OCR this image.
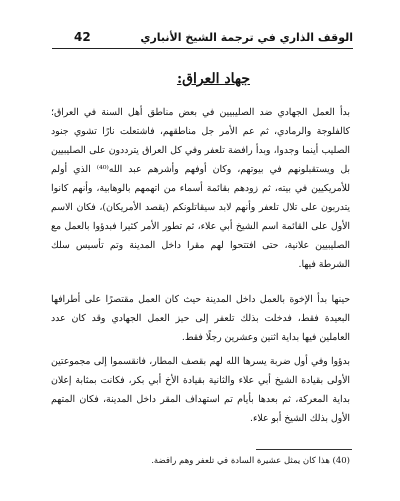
الوقف الذاري في ترجمة الشيخ الأنباري
42
جهاد العراق:

بدأ العمل الجهادي ضد الصليبيين في بعض مناطق أهل السنة في العراق؛ كالفلوجة والرمادي، ثم عم الأمر جل مناطقهم، فاشتعلت نارًا تشوي جنود الصليب أينما وجدوا، وبدأ رافضة تلعفر وفي كل العراق يترددون على الصليبيين بل ويستقبلونهم في بيوتهم، وكان أوفهم وأشرهم عبد الله⁽⁴⁰⁾ الذي أولم للأمريكيين في بيته، ثم زودهم بقائمة أسماء من اتهمهم بالوهابية، وأنهم كانوا يتدربون على تلال تلعفر وأنهم لابد سيقاتلونكم (يقصد الأمريكان)، فكان الاسم الأول على القائمة اسم الشيخ أبي علاء، ثم تطور الأمر كثيرا فبدؤوا بالعمل مع الصليبيين علانية، حتى افتتحوا لهم مقرا داخل المدينة وتم تأسيس سلك الشرطة فيها.

حينها بدأ الإخوة بالعمل داخل المدينة حيث كان العمل مقتصرًا على أطرافها البعيدة فقط، فدخلت بذلك تلعفر إلى حيز العمل الجهادي وقد كان عدد العاملين فيها بداية اثنين وعشرين رجلًا فقط.

بدؤوا وفي أول ضربة يسرها الله لهم بقصف المطار، فانقسموا إلى مجموعتين الأولى بقيادة الشيخ أبي علاء والثانية بقيادة الأخ أبي بكر، فكانت بمثابة إعلان بداية المعركة، ثم بعدها بأيام تم استهداف المقر داخل المدينة، فكان المتهم الأول بذلك الشيخ أبو علاء.

(40) هذا كان يمثل عشيرة السادة في تلعفر وهم رافضة.
